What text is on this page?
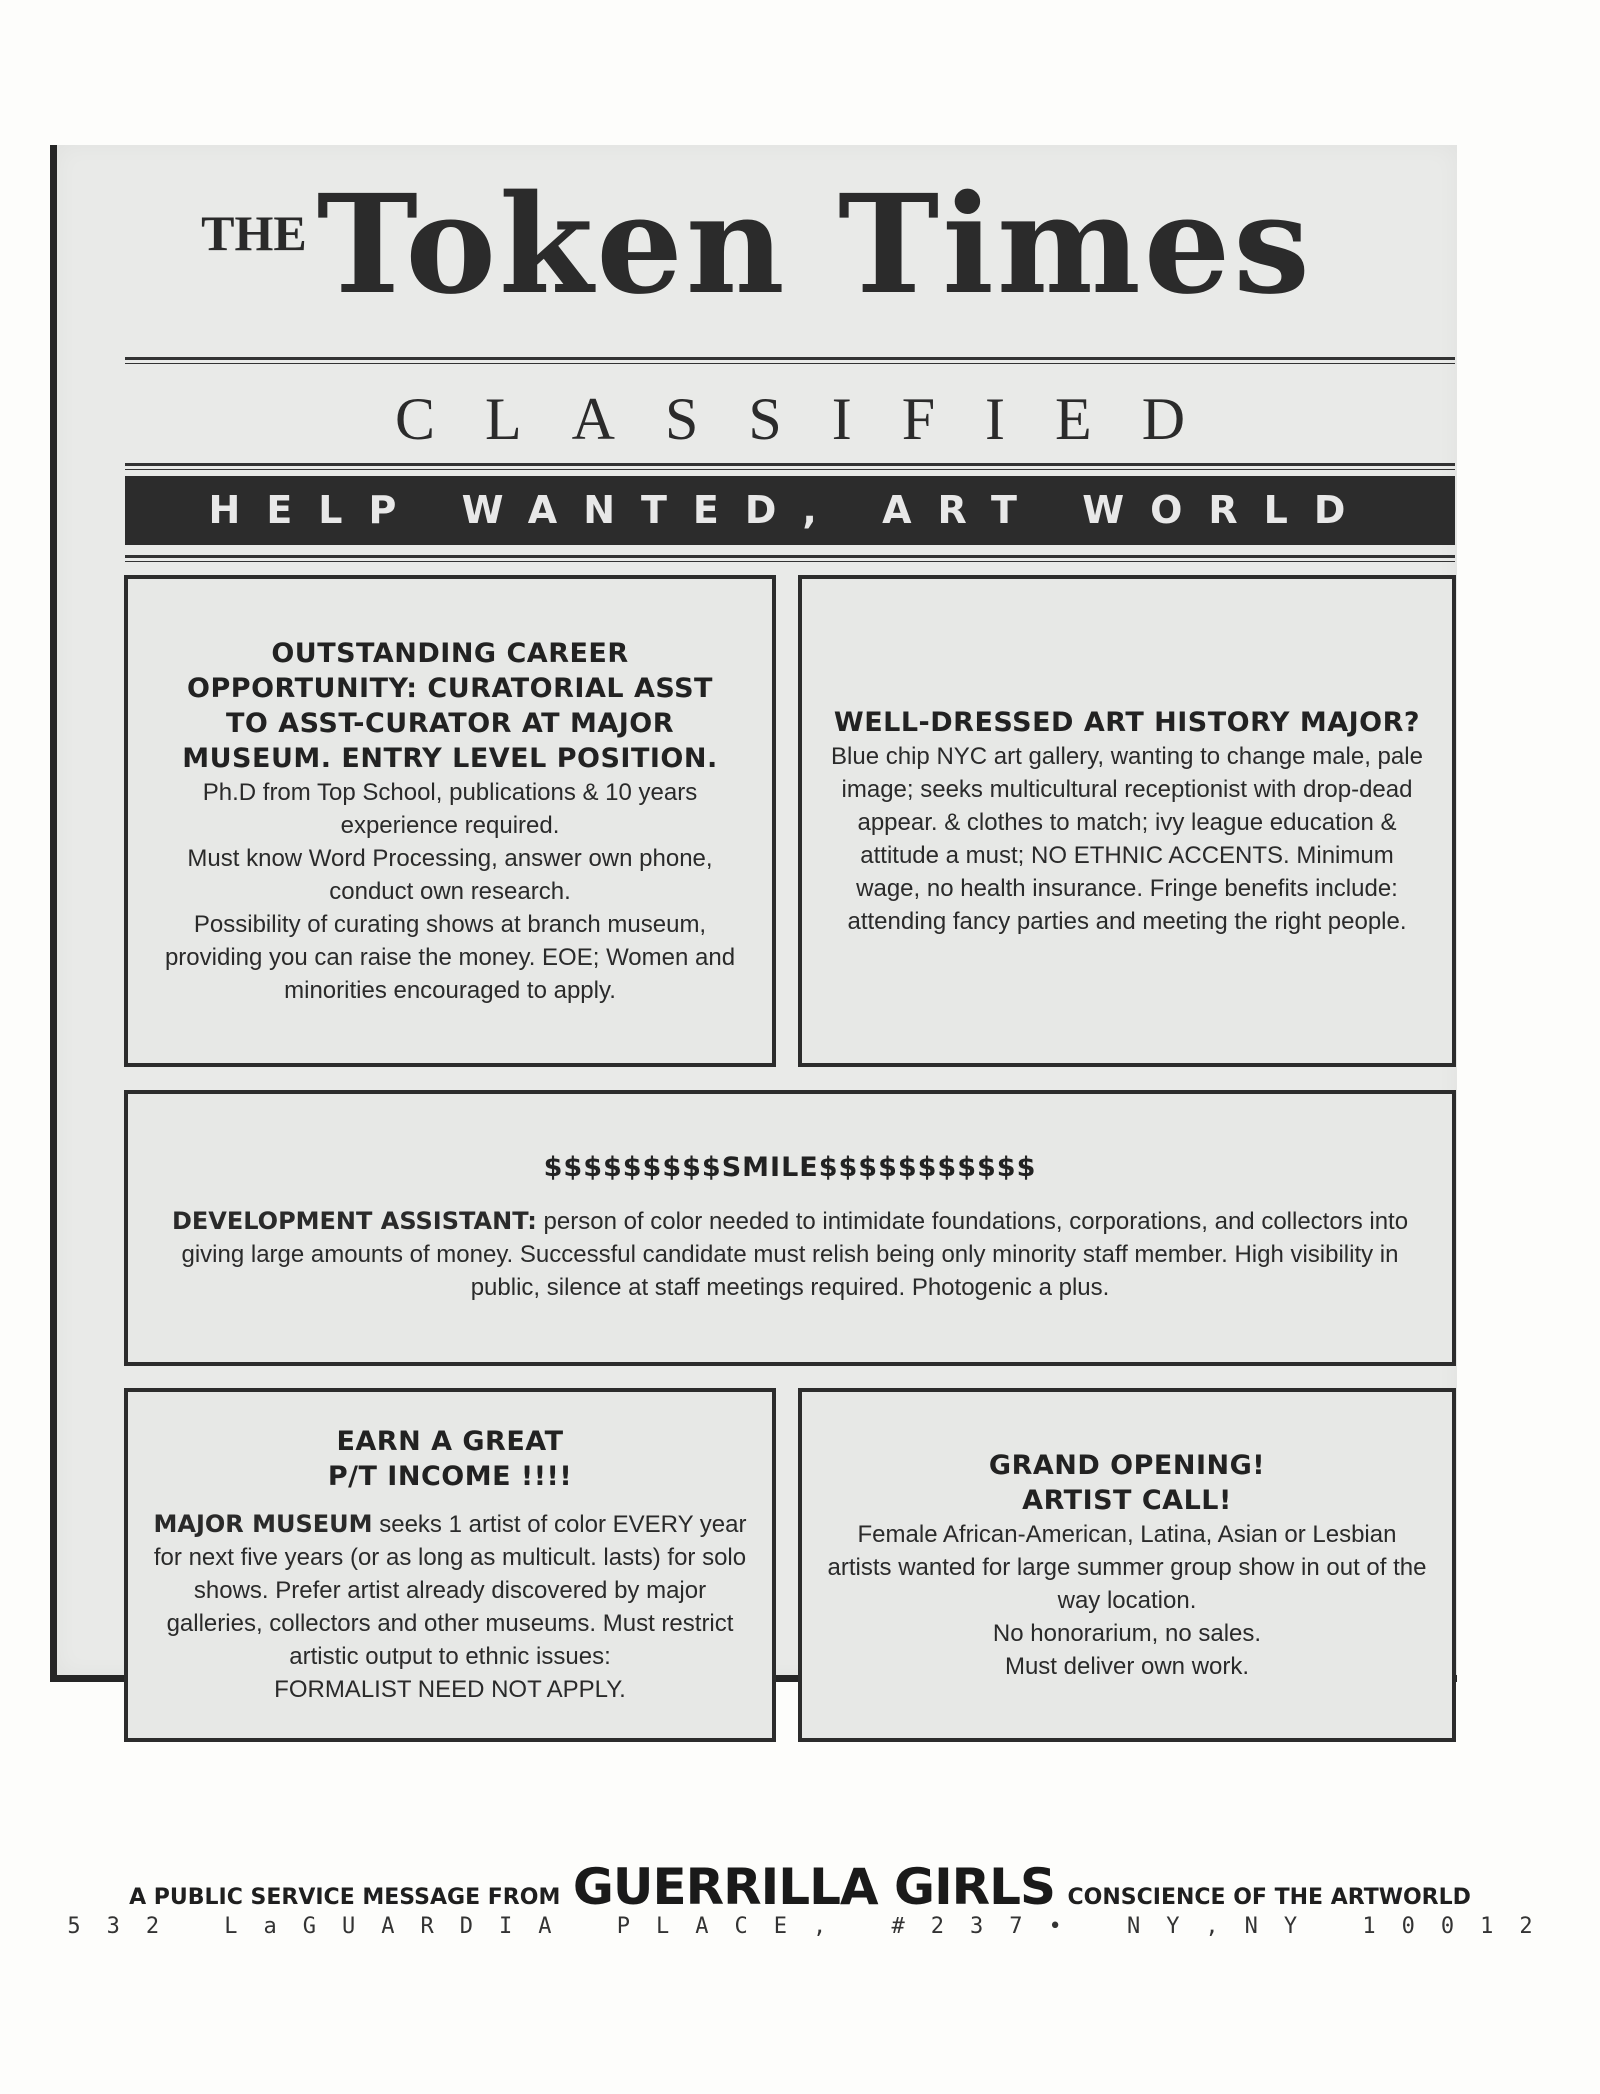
THE Token Times
CLASSIFIED
HELP WANTED, ART WORLD
OUTSTANDING CAREER OPPORTUNITY: CURATORIAL ASST TO ASST-CURATOR AT MAJOR MUSEUM. ENTRY LEVEL POSITION.

Ph.D from Top School, publications & 10 years experience required.

Must know Word Processing, answer own phone, conduct own research.

Possibility of curating shows at branch museum, providing you can raise the money. EOE; Women and minorities encouraged to apply.

WELL-DRESSED ART HISTORY MAJOR?

Blue chip NYC art gallery, wanting to change male, pale image; seeks multicultural receptionist with drop-dead appear. & clothes to match; ivy league education & attitude a must; NO ETHNIC ACCENTS. Minimum wage, no health insurance. Fringe benefits include: attending fancy parties and meeting the right people.

$$$$$$$$$SMILE$$$$$$$$$$$

DEVELOPMENT ASSISTANT: person of color needed to intimidate foundations, corporations, and collectors into giving large amounts of money. Successful candidate must relish being only minority staff member. High visibility in public, silence at staff meetings required. Photogenic a plus.

EARN A GREAT
P/T INCOME !!!!

MAJOR MUSEUM seeks 1 artist of color EVERY year for next five years (or as long as multicult. lasts) for solo shows. Prefer artist already discovered by major galleries, collectors and other museums. Must restrict artistic output to ethnic issues:

FORMALIST NEED NOT APPLY.

GRAND OPENING!
ARTIST CALL!

Female African-American, Latina, Asian or Lesbian artists wanted for large summer group show in out of the way location.

No honorarium, no sales.

Must deliver own work.

A PUBLIC SERVICE MESSAGE FROM GUERRILLA GIRLS CONSCIENCE OF THE ARTWORLD
532 LaGUARDIA PLACE, #237• NY,NY 10012
